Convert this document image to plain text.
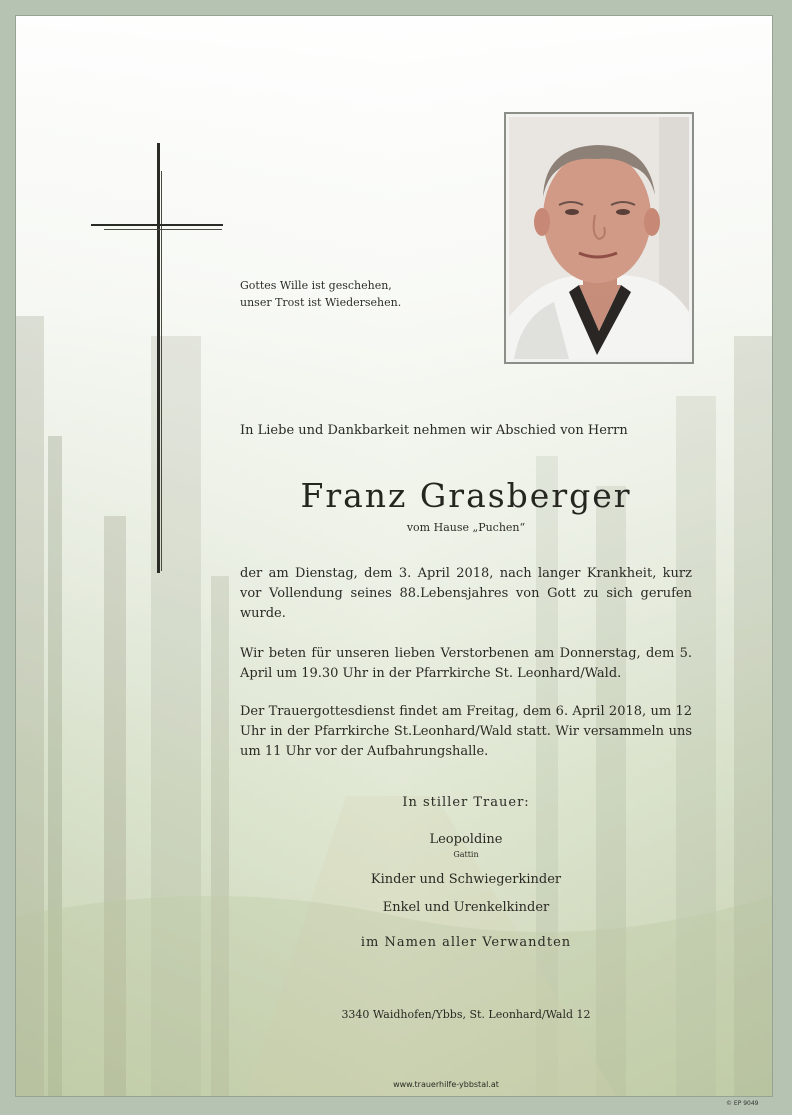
Gottes Wille ist geschehen,
unser Trost ist Wiedersehen.
In Liebe und Dankbarkeit nehmen wir Abschied von Herrn
Franz Grasberger
vom Hause „Puchen“
der am Dienstag, dem 3. April 2018, nach langer Krankheit, kurz vor Vollendung seines 88.Lebensjahres von Gott zu sich gerufen wurde.
Wir beten für unseren lieben Verstorbenen am Donnerstag, dem 5. April um 19.30 Uhr in der Pfarrkirche St. Leonhard/Wald.
Der Trauergottesdienst findet am Freitag, dem 6. April 2018, um 12 Uhr in der Pfarrkirche St.Leonhard/Wald statt. Wir versammeln uns um 11 Uhr vor der Aufbahrungshalle.
In stiller Trauer:
Leopoldine
Gattin
Kinder und Schwiegerkinder
Enkel und Urenkelkinder
im Namen aller Verwandten
3340 Waidhofen/Ybbs, St. Leonhard/Wald 12
www.trauerhilfe-ybbstal.at
© EP 9049
